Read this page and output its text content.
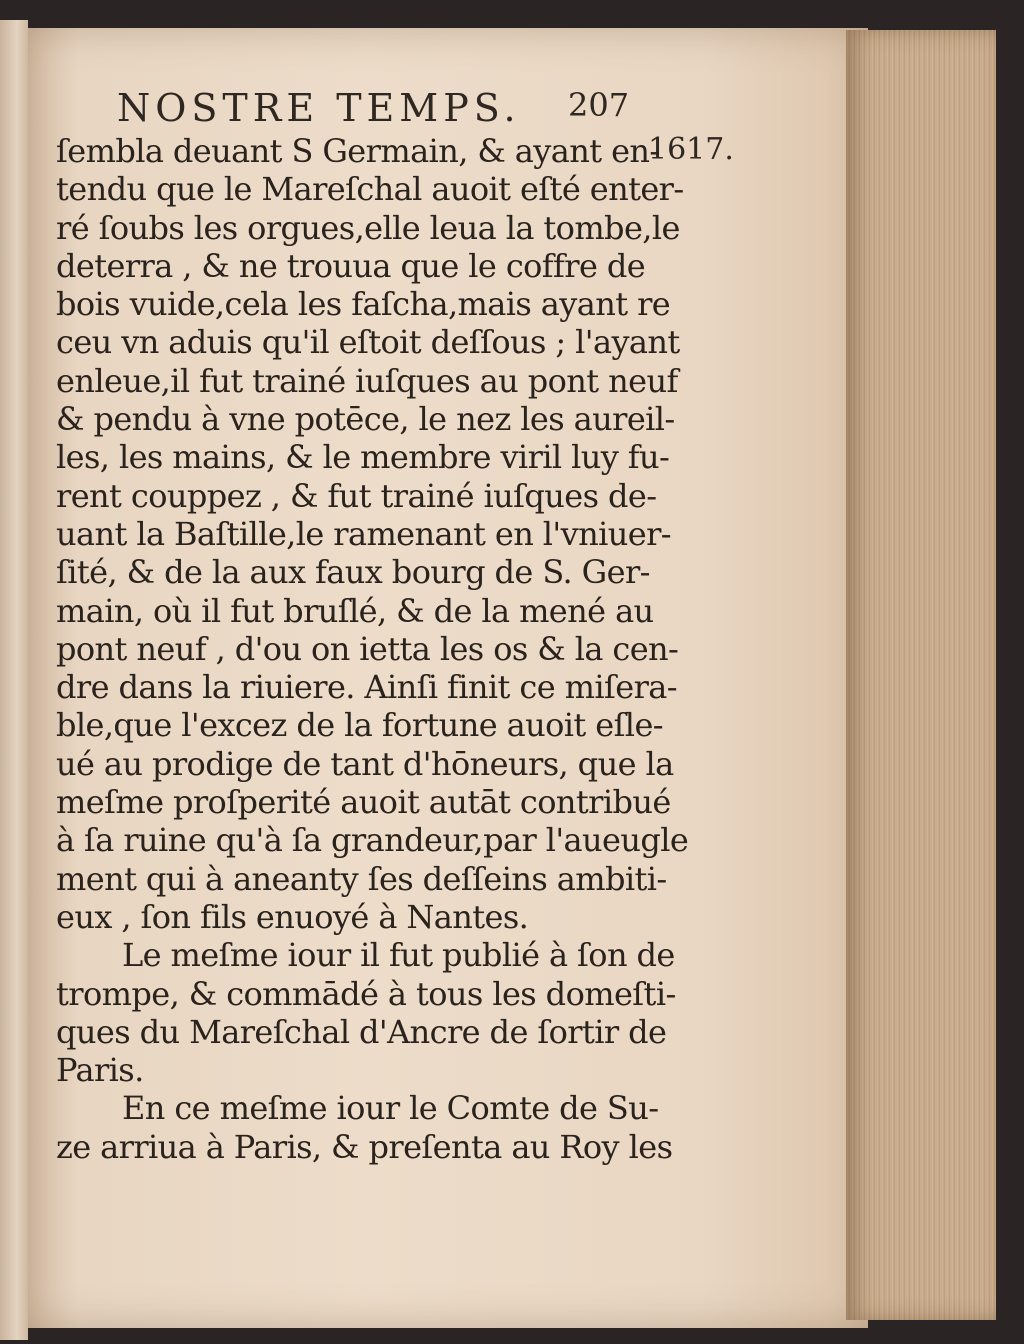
NOSTRE TEMPS. 207
1617.
ſembla deuant S Germain, & ayant en-
tendu que le Mareſchal auoit eſté enter-
ré ſoubs les orgues,elle leua la tombe,le
deterra , & ne trouua que le coffre de
bois vuide,cela les faſcha,mais ayant re
ceu vn aduis qu'il eſtoit deſſous ; l'ayant
enleue,il fut trainé iuſques au pont neuf
& pendu à vne potēce, le nez les aureil-
les, les mains, & le membre viril luy fu-
rent couppez , & fut trainé iuſques de-
uant la Baſtille,le ramenant en l'vniuer-
ſité, & de la aux faux bourg de S. Ger-
main, où il fut bruſlé, & de la mené au
pont neuf , d'ou on ietta les os & la cen-
dre dans la riuiere. Ainſi finit ce miſera-
ble,que l'excez de la fortune auoit eſle-
ué au prodige de tant d'hōneurs, que la
meſme proſperité auoit autāt contribué
à ſa ruine qu'à ſa grandeur,par l'aueugle
ment qui à aneanty ſes deſſeins ambiti-
eux , ſon fils enuoyé à Nantes.
Le meſme iour il fut publié à ſon de
trompe, & commādé à tous les domeſti-
ques du Mareſchal d'Ancre de ſortir de
Paris.
En ce meſme iour le Comte de Su-
ze arriua à Paris, & preſenta au Roy les
